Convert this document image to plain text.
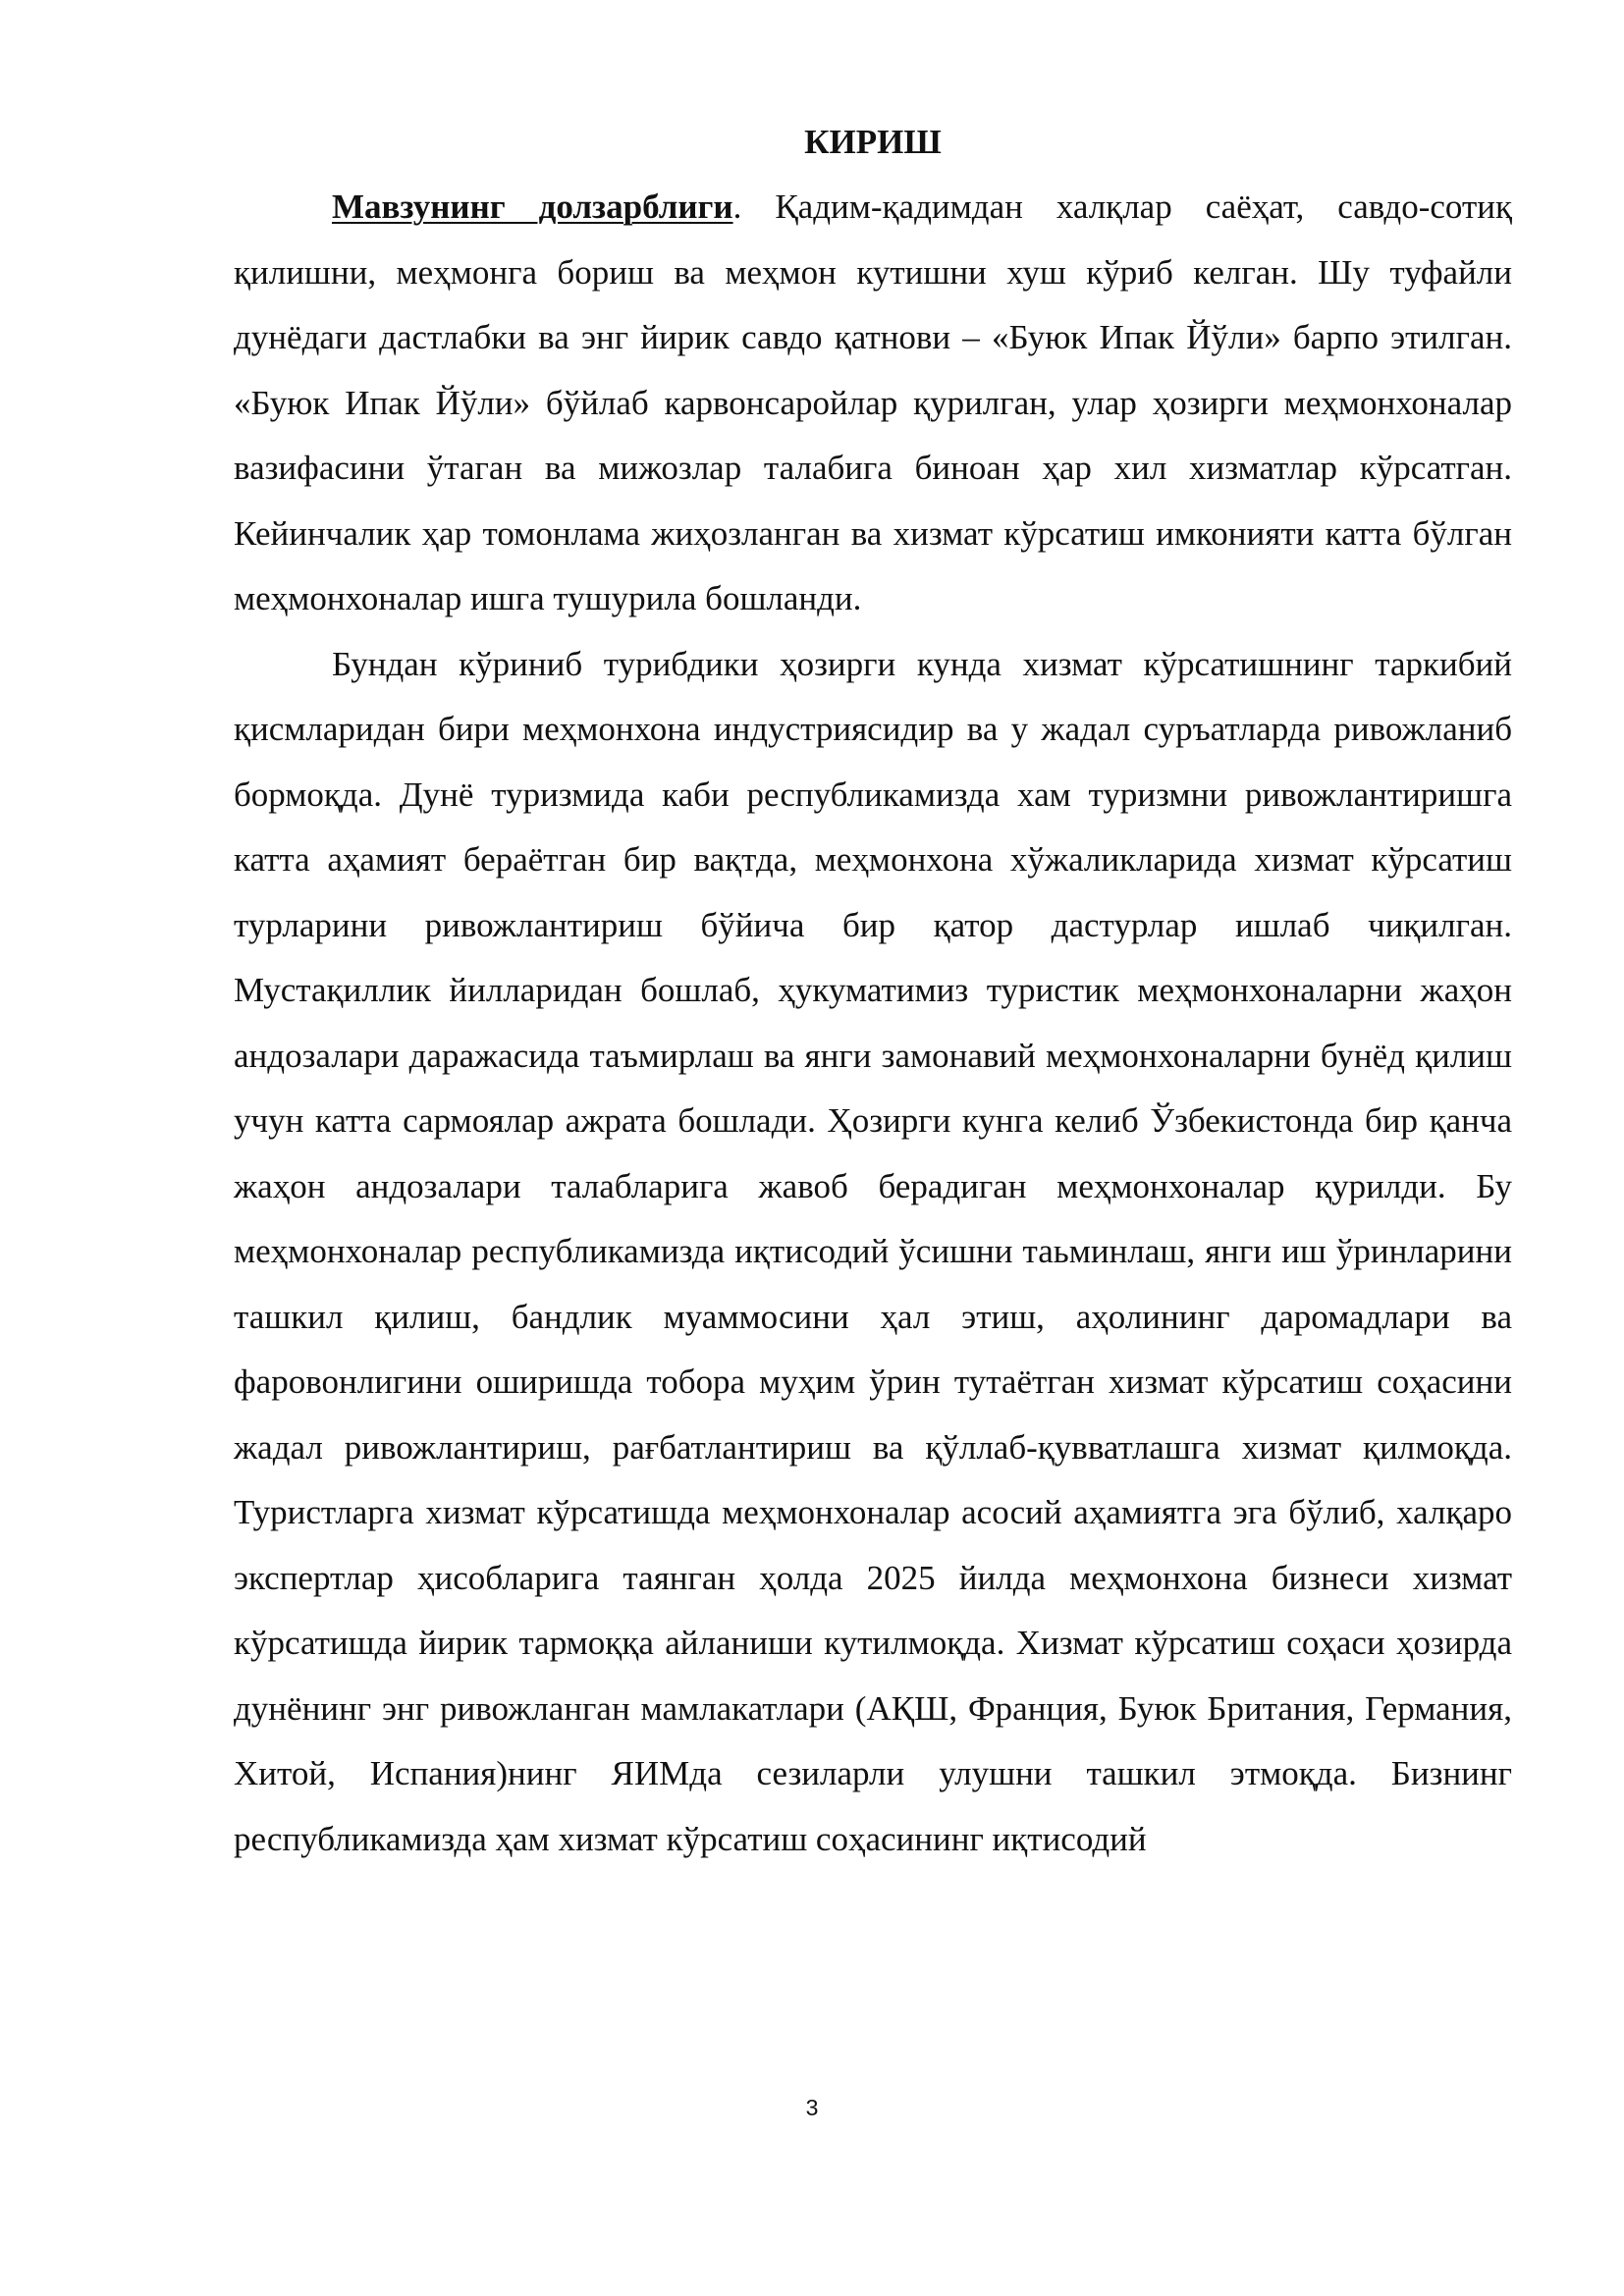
КИРИШ

Мавзунинг долзарблиги. Қадим-қадимдан халқлар саёҳат, савдо-сотиқ қилишни, меҳмонга бориш ва меҳмон кутишни хуш кўриб келган. Шу туфайли дунёдаги дастлабки ва энг йирик савдо қатнови – «Буюк Ипак Йўли» барпо этилган. «Буюк Ипак Йўли» бўйлаб карвонсаройлар қурилган, улар ҳозирги меҳмонхоналар вазифасини ўтаган ва мижозлар талабига биноан ҳар хил хизматлар кўрсатган. Кейинчалик ҳар томонлама жиҳозланган ва хизмат кўрсатиш имконияти катта бўлган меҳмонхоналар ишга тушурила бошланди.

Бундан кўриниб турибдики ҳозирги кунда хизмат кўрсатишнинг таркибий қисмларидан бири меҳмонхона индустриясидир ва у жадал суръатларда ривожланиб бормоқда. Дунё туризмида каби республикамизда хам туризмни ривожлантиришга катта аҳамият бераётган бир вақтда, меҳмонхона хўжаликларида хизмат кўрсатиш турларини ривожлантириш бўйича бир қатор дастурлар ишлаб чиқилган. Мустақиллик йилларидан бошлаб, ҳукуматимиз туристик меҳмонхоналарни жаҳон андозалари даражасида таъмирлаш ва янги замонавий меҳмонхоналарни бунёд қилиш учун катта сармоялар ажрата бошлади. Ҳозирги кунга келиб Ўзбекистонда бир қанча жаҳон андозалари талабларига жавоб берадиган меҳмонхоналар қурилди. Бу меҳмонхоналар республикамизда иқтисодий ўсишни таьминлаш, янги иш ўринларини ташкил қилиш, бандлик муаммосини ҳал этиш, аҳолининг даромадлари ва фаровонлигини оширишда тобора муҳим ўрин тутаётган хизмат кўрсатиш соҳасини жадал ривожлантириш, рағбатлантириш ва қўллаб-қувватлашга хизмат қилмоқда. Туристларга хизмат кўрсатишда меҳмонхоналар асосий аҳамиятга эга бўлиб, халқаро экспертлар ҳисобларига таянган ҳолда 2025 йилда меҳмонхона бизнеси хизмат кўрсатишда йирик тармоққа айланиши кутилмоқда. Хизмат кўрсатиш соҳаси ҳозирда дунёнинг энг ривожланган мамлакатлари (АҚШ, Франция, Буюк Британия, Германия, Хитой, Испания)нинг ЯИМда сезиларли улушни ташкил этмоқда. Бизнинг республикамизда ҳам хизмат кўрсатиш соҳасининг иқтисодий

3
